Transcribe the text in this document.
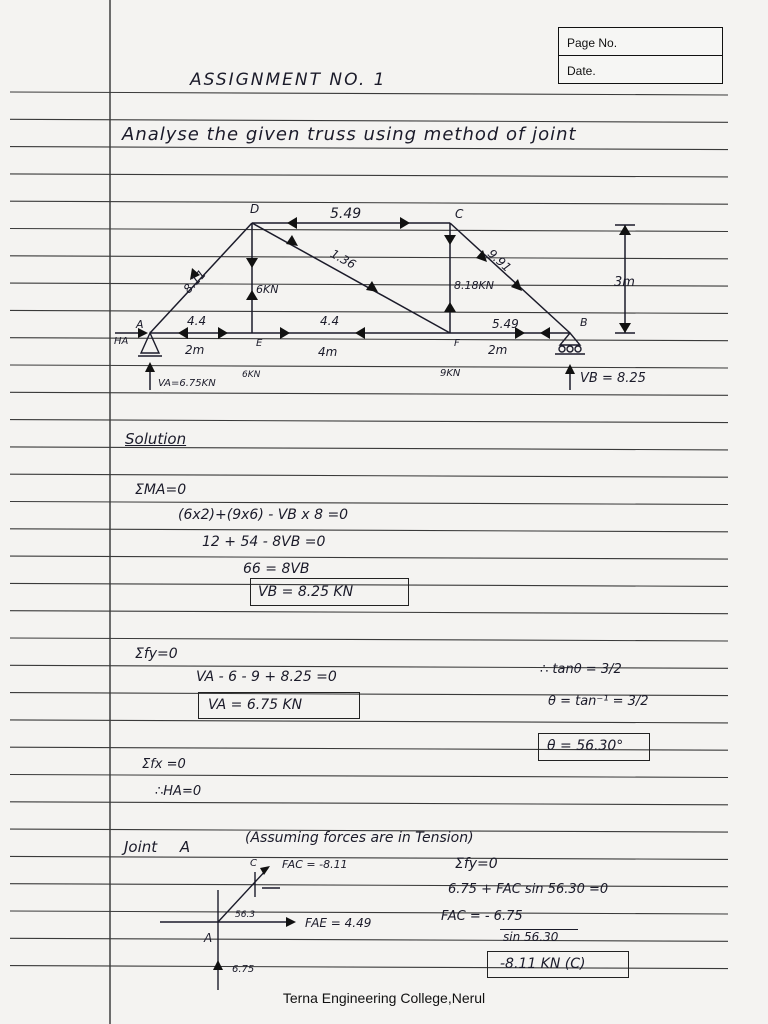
Page No.
Date.
ASSIGNMENT NO. 1
Analyse the given truss using method of joint
D	C
A	B
E	F
5.49
8.11
1.36	9.91
6KN	8.18KN
4.4	4.4	5.49
2m	4m	2m
3m
6KN	9KN
HA
VA=6.75KN	VB = 8.25
Solution
ΣMA=0
(6x2)+(9x6) - VB x 8 =0
12 + 54 - 8VB =0
66 = 8VB
VB = 8.25 KN
Σfy=0
VA - 6 - 9 + 8.25 =0
VA = 6.75 KN
∴ tanθ = 3/2
θ = tan⁻¹ = 3/2
θ = 56.30°
Σfx =0
∴HA=0
Joint A	(Assuming forces are in Tension)
FAC = -8.11
56.3
FAE = 4.49
6.75
A
C	Σfy=0
6.75 + FAC sin 56.30 =0
FAC = - 6.75
sin 56.30
-8.11 KN (C)
Terna Engineering College,Nerul
